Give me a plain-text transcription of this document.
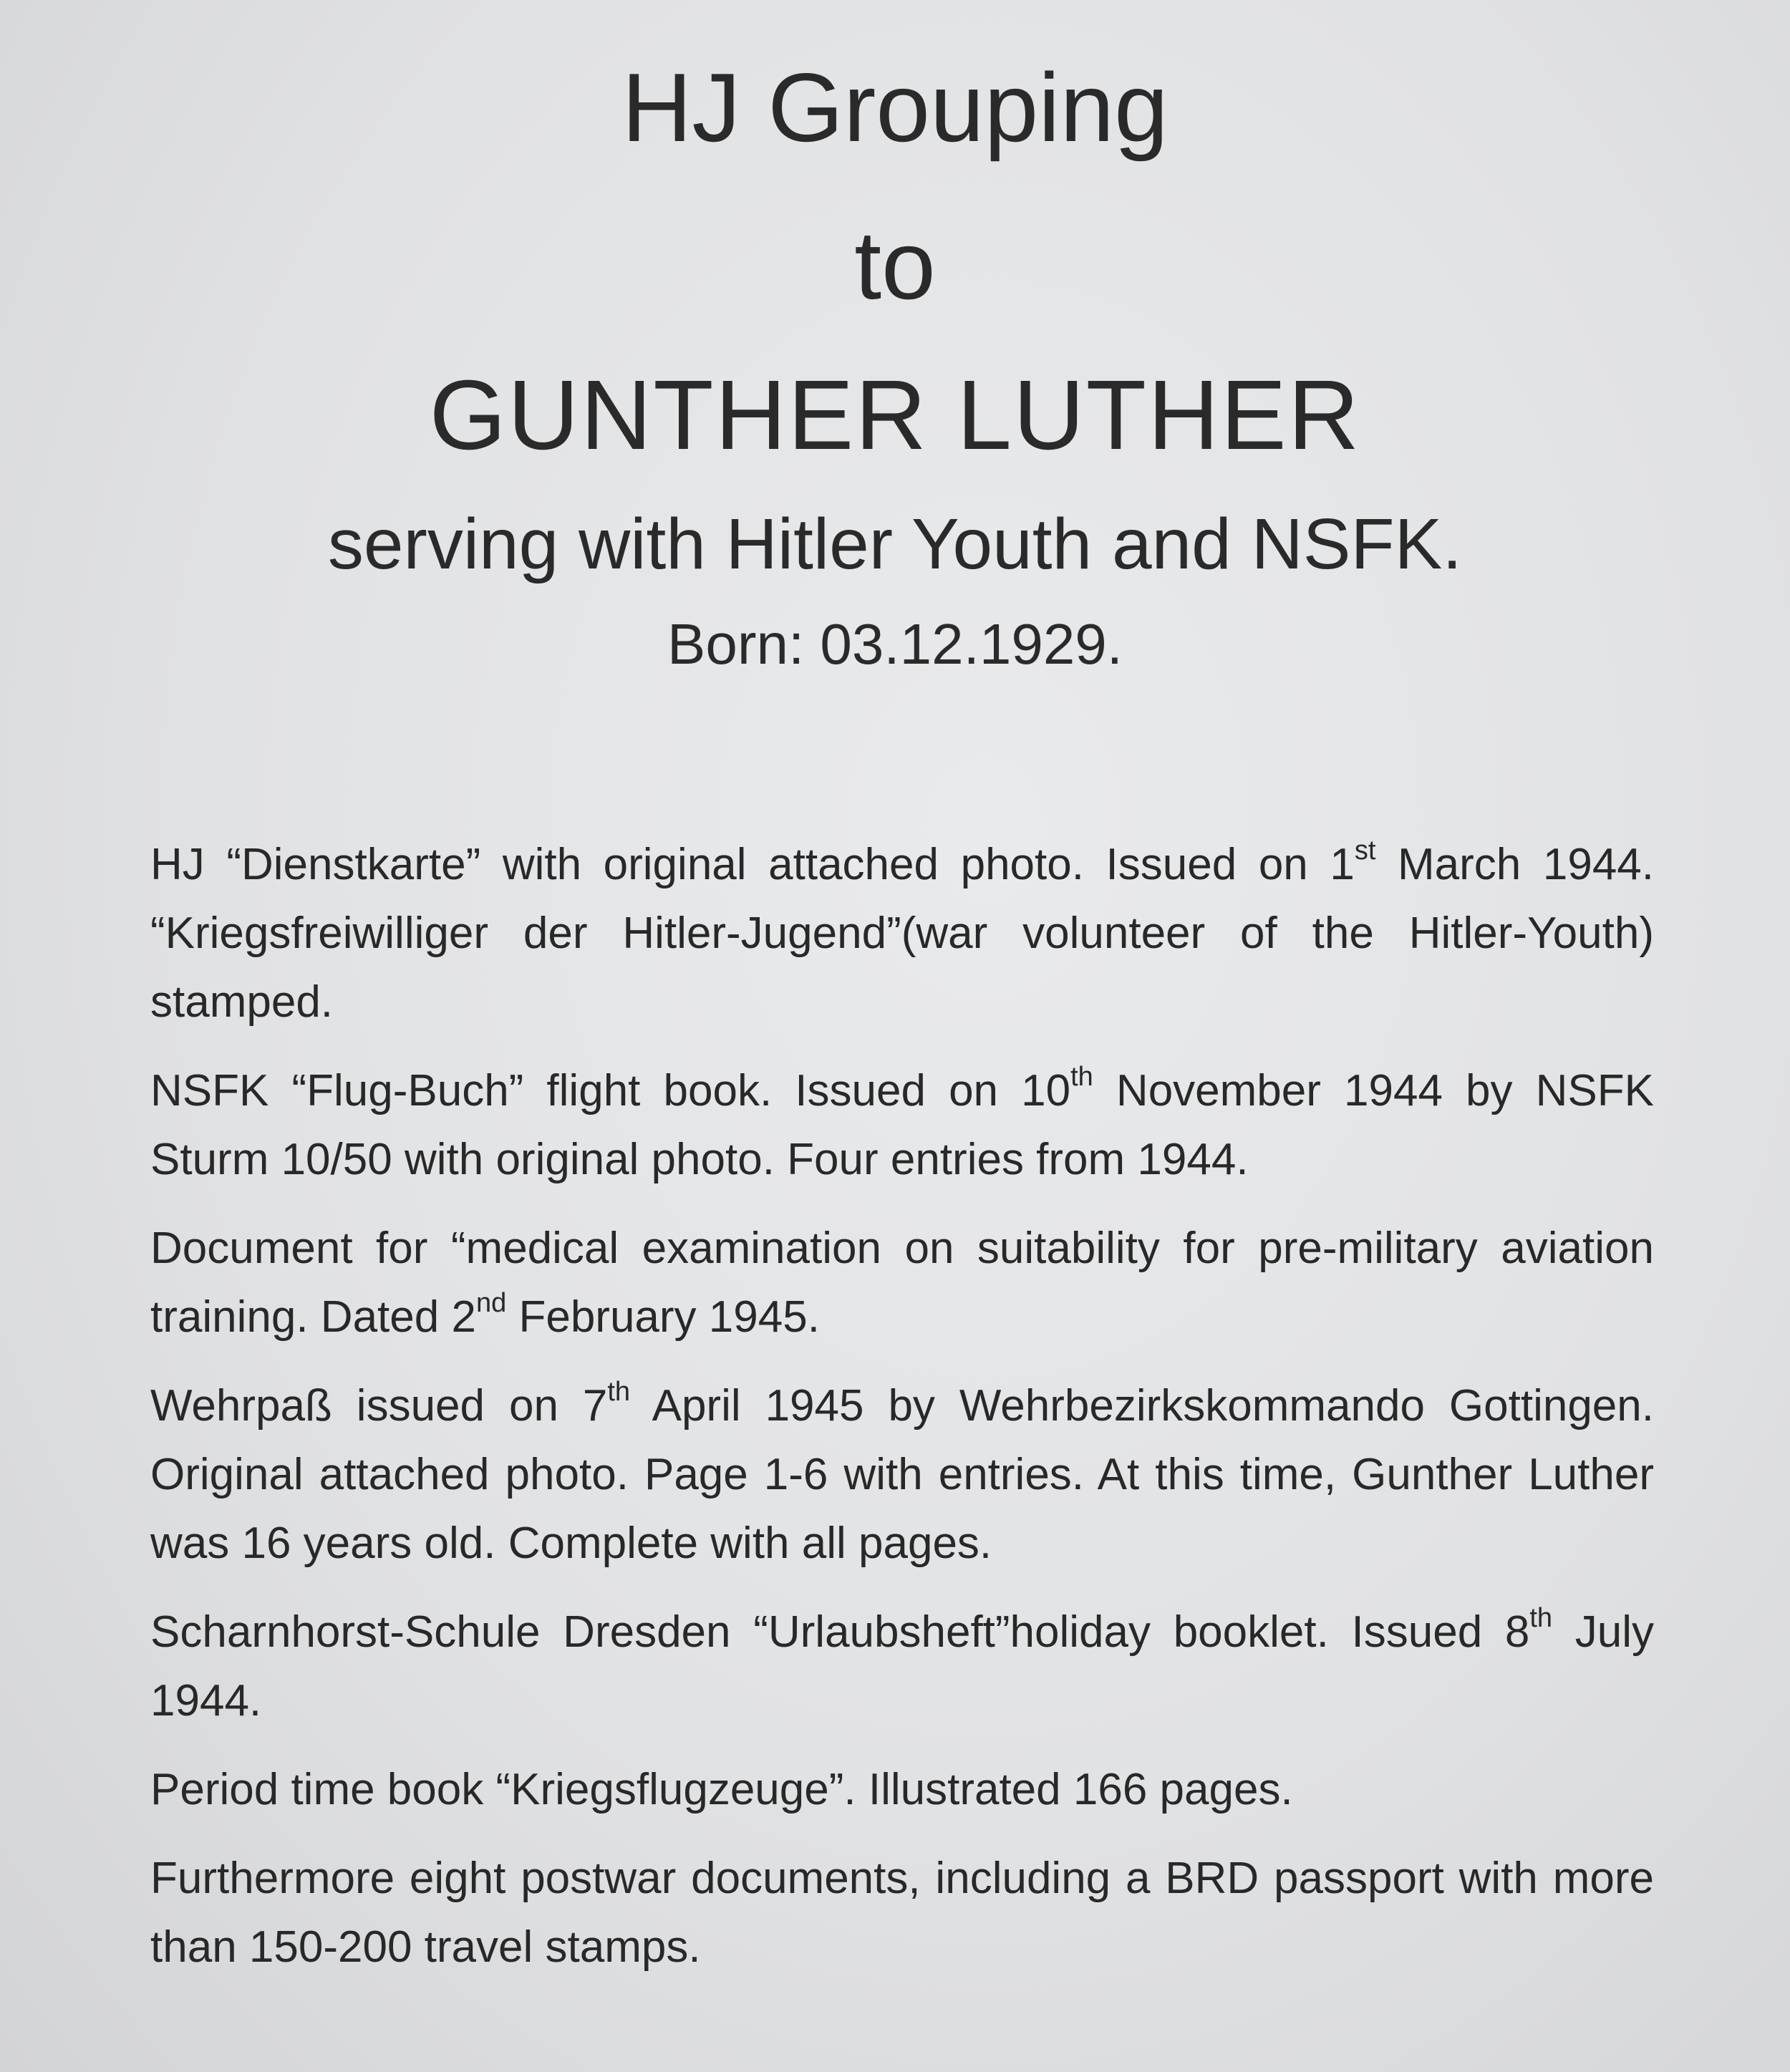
HJ Grouping
to
GUNTHER LUTHER
serving with Hitler Youth and NSFK.
Born: 03.12.1929.

HJ “Dienstkarte” with original attached photo. Issued on 1st March 1944. “Kriegsfreiwilliger der Hitler-Jugend”(war volunteer of the Hitler-Youth) stamped.

NSFK “Flug-Buch” flight book. Issued on 10th November 1944 by NSFK Sturm 10/50 with original photo. Four entries from 1944.

Document for “medical examination on suitability for pre-military aviation training. Dated 2nd February 1945.

Wehrpaß issued on 7th April 1945 by Wehrbezirkskommando Gottingen. Original attached photo. Page 1-6 with entries. At this time, Gunther Luther was 16 years old. Complete with all pages.

Scharnhorst-Schule Dresden “Urlaubsheft”holiday booklet. Issued 8th July 1944.

Period time book “Kriegsflugzeuge”. Illustrated 166 pages.

Furthermore eight postwar documents, including a BRD passport with more than 150-200 travel stamps.
